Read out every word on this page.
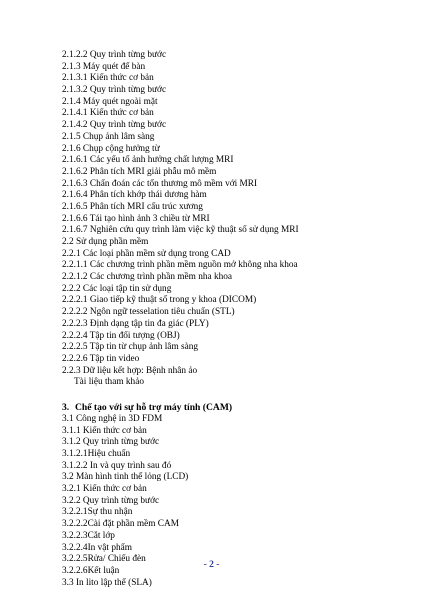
2.1.2.2 Quy trình từng bước
2.1.3 Máy quét để bàn
2.1.3.1 Kiến thức cơ bản
2.1.3.2 Quy trình từng bước
2.1.4 Máy quét ngoài mặt
2.1.4.1 Kiến thức cơ bản
2.1.4.2 Quy trình từng bước
2.1.5 Chụp ảnh lâm sàng
2.1.6 Chụp cộng hưởng từ
2.1.6.1 Các yếu tố ảnh hưởng chất lượng MRI
2.1.6.2 Phân tích MRI giải phẫu mô mềm
2.1.6.3 Chẩn đoán các tổn thương mô mềm với MRI
2.1.6.4 Phân tích khớp thái dương hàm
2.1.6.5 Phân tích MRI cấu trúc xương
2.1.6.6 Tái tạo hình ảnh 3 chiều từ MRI
2.1.6.7 Nghiên cứu quy trình làm việc kỹ thuật số sử dụng MRI
2.2 Sử dụng phần mềm
2.2.1 Các loại phần mềm sử dụng trong CAD
2.2.1.1 Các chương trình phần mềm nguồn mở không nha khoa
2.2.1.2 Các chương trình phần mềm nha khoa
2.2.2 Các loại tập tin sử dụng
2.2.2.1 Giao tiếp kỹ thuật số trong y khoa (DICOM)
2.2.2.2 Ngôn ngữ tesselation tiêu chuẩn (STL)
2.2.2.3 Định dạng tập tin đa giác (PLY)
2.2.2.4 Tập tin đối tượng (OBJ)
2.2.2.5 Tập tin từ chụp ảnh lâm sàng
2.2.2.6 Tập tin video
2.2.3 Dữ liệu kết hợp: Bệnh nhân ảo
Tài liệu tham khảo
3. Chế tạo với sự hỗ trợ máy tính (CAM)
3.1 Công nghệ in 3D FDM
3.1.1 Kiến thức cơ bản
3.1.2 Quy trình từng bước
3.1.2.1Hiệu chuẩn
3.1.2.2 In và quy trình sau đó
3.2 Màn hình tinh thể lỏng (LCD)
3.2.1 Kiến thức cơ bản
3.2.2 Quy trình từng bước
3.2.2.1Sự thu nhận
3.2.2.2Cài đặt phần mềm CAM
3.2.2.3Cắt lớp
3.2.2.4In vật phẩm
3.2.2.5Rửa/ Chiếu đèn
3.2.2.6Kết luận
3.3 In lito lập thể (SLA)
- 2 -
